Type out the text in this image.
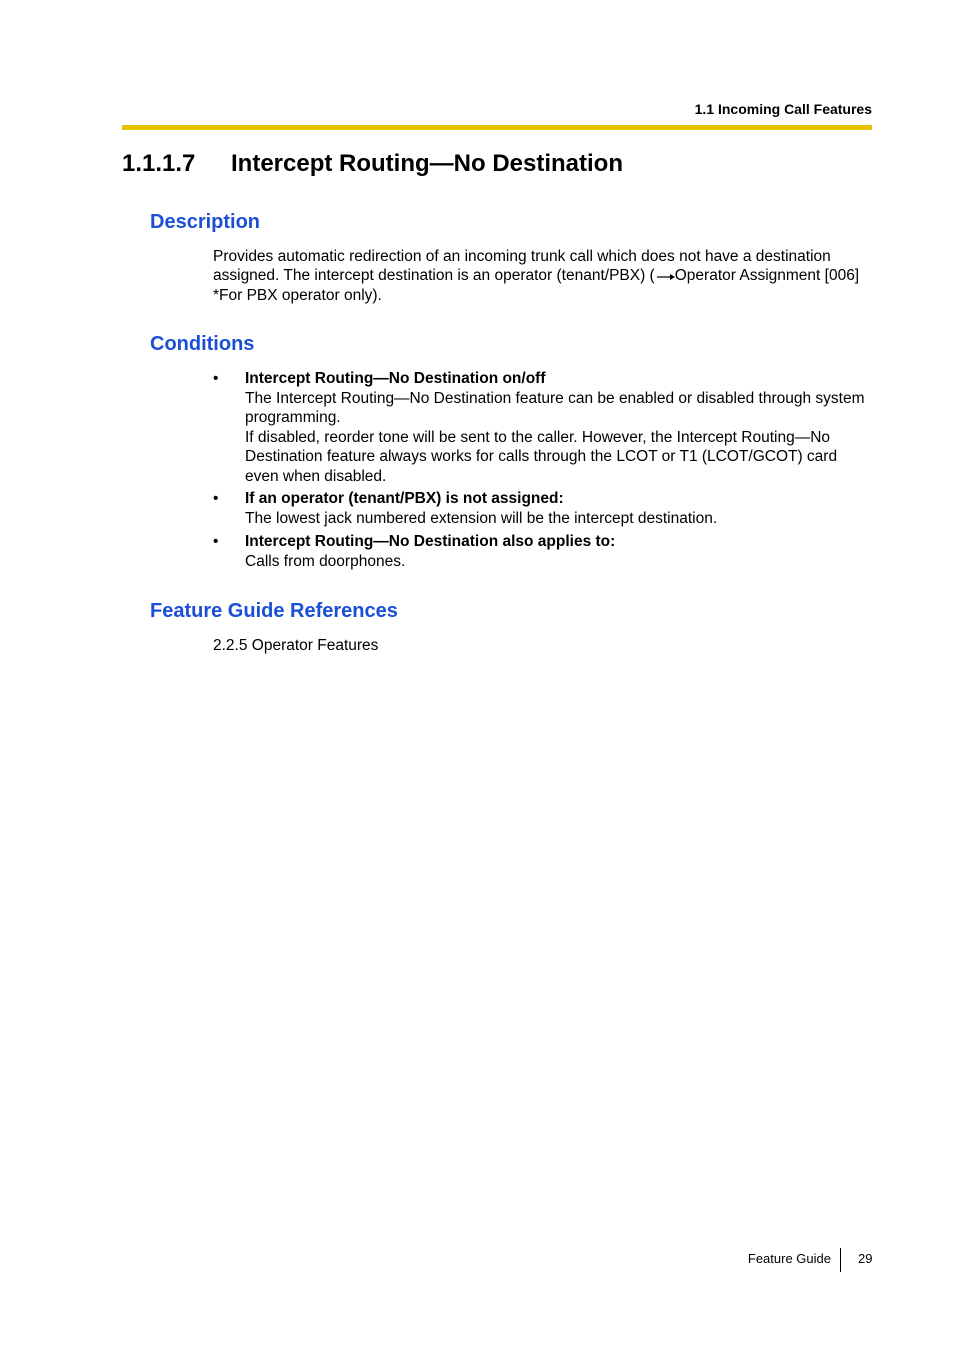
1.1 Incoming Call Features
1.1.1.7 Intercept Routing—No Destination
Description
Provides automatic redirection of an incoming trunk call which does not have a destination
assigned. The intercept destination is an operator (tenant/PBX) ( Operator Assignment [006]
*For PBX operator only).
Conditions
• Intercept Routing—No Destination on/off
The Intercept Routing—No Destination feature can be enabled or disabled through system
programming.
If disabled, reorder tone will be sent to the caller. However, the Intercept Routing—No
Destination feature always works for calls through the LCOT or T1 (LCOT/GCOT) card
even when disabled.
• If an operator (tenant/PBX) is not assigned:
The lowest jack numbered extension will be the intercept destination.
• Intercept Routing—No Destination also applies to:
Calls from doorphones.
Feature Guide References
2.2.5 Operator Features
Feature Guide 29
